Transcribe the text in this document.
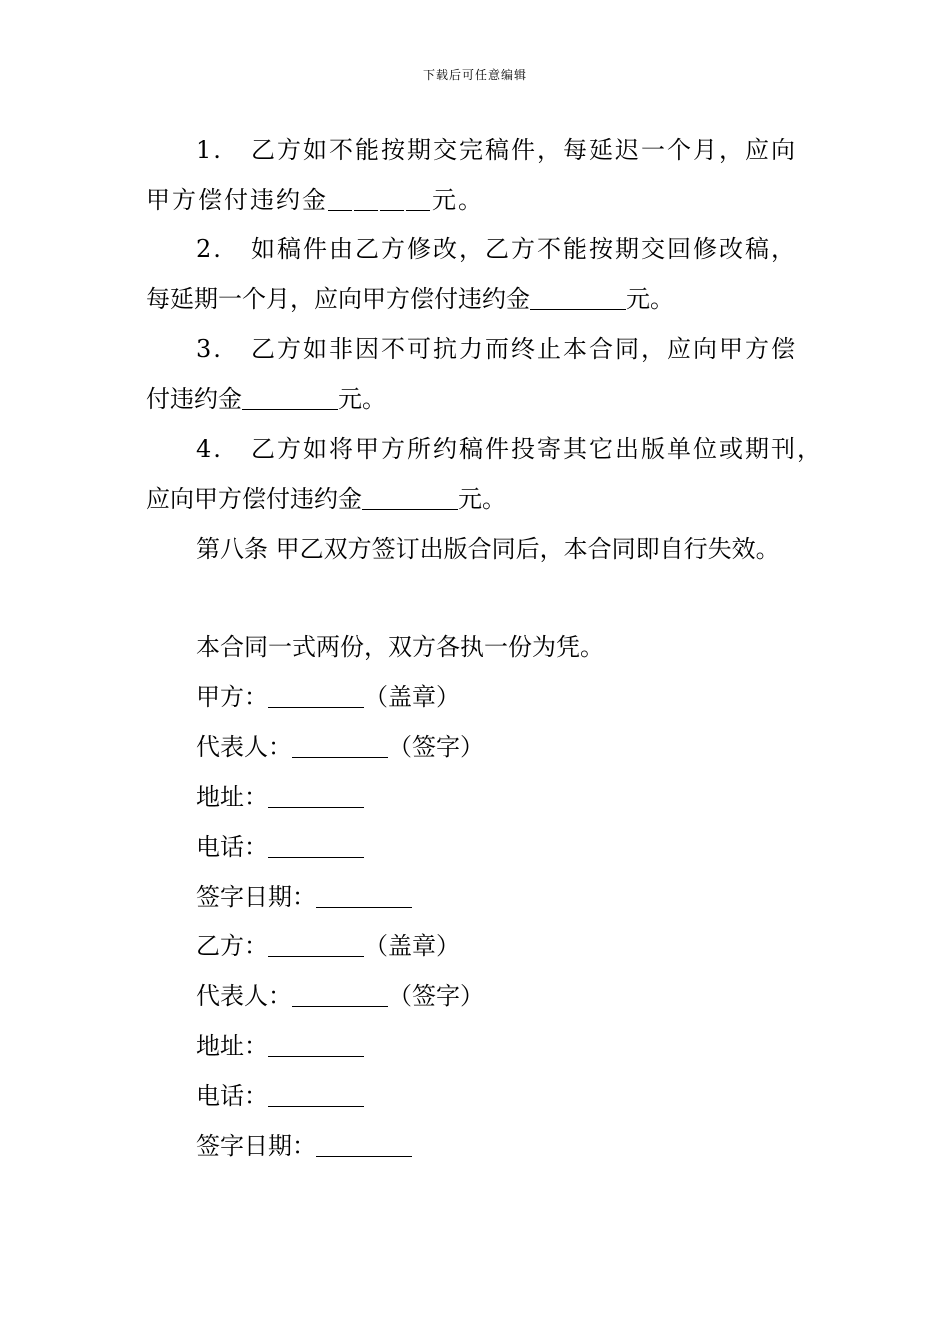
下载后可任意编辑
1. 乙方如不能按期交完稿件，每延迟一个月，应向
甲方偿付违约金＿＿＿＿元。
2. 如稿件由乙方修改，乙方不能按期交回修改稿，
每延期一个月，应向甲方偿付违约金＿＿＿＿元。
3. 乙方如非因不可抗力而终止本合同，应向甲方偿
付违约金＿＿＿＿元。
4. 乙方如将甲方所约稿件投寄其它出版单位或期刊，
应向甲方偿付违约金＿＿＿＿元。
第八条 甲乙双方签订出版合同后，本合同即自行失效。
本合同一式两份，双方各执一份为凭。
甲方：＿＿＿＿（盖章）
代表人：＿＿＿＿（签字）
地址：＿＿＿＿
电话：＿＿＿＿
签字日期：＿＿＿＿
乙方：＿＿＿＿（盖章）
代表人：＿＿＿＿（签字）
地址：＿＿＿＿
电话：＿＿＿＿
签字日期：＿＿＿＿
